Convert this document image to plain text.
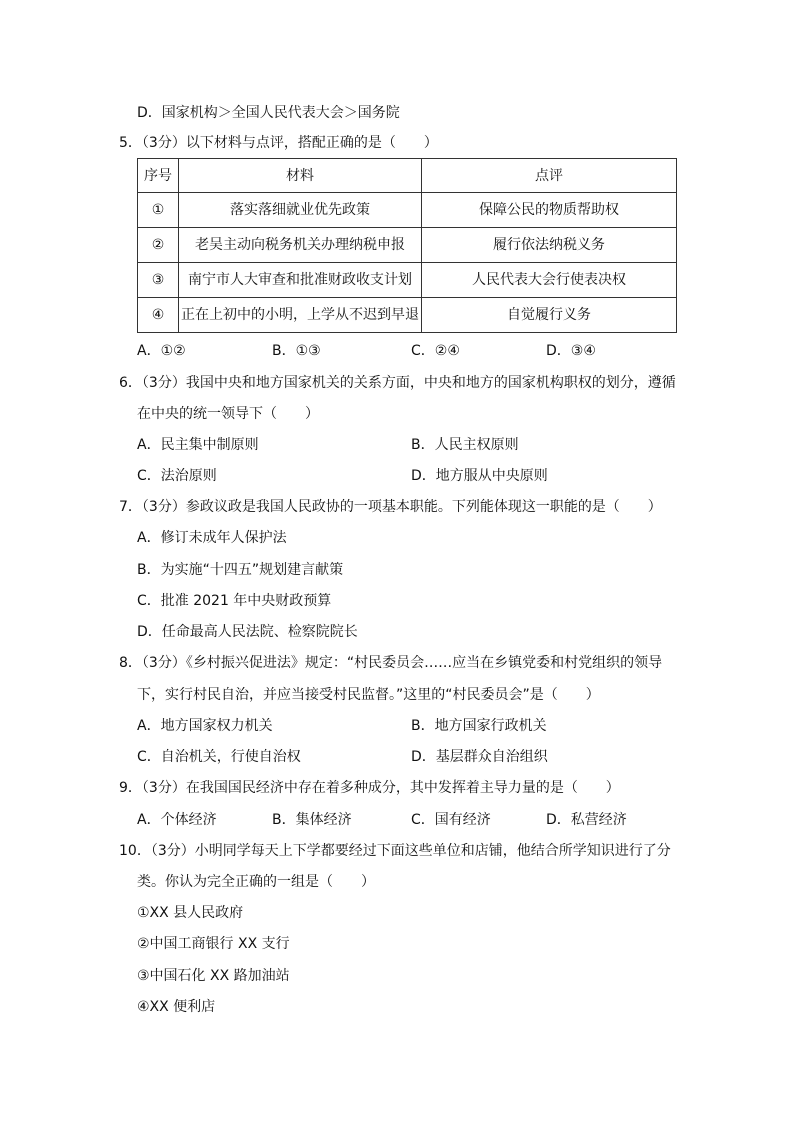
D．国家机构＞全国人民代表大会＞国务院
5．（3分）以下材料与点评，搭配正确的是（　　）
序号	材料	点评
①	落实落细就业优先政策	保障公民的物质帮助权
②	老吴主动向税务机关办理纳税申报	履行依法纳税义务
③	南宁市人大审查和批准财政收支计划	人民代表大会行使表决权
④	正在上初中的小明，上学从不迟到早退	自觉履行义务
A．①②	B．①③	C．②④	D．③④
6．（3分）我国中央和地方国家机关的关系方面，中央和地方的国家机构职权的划分，遵循
在中央的统一领导下（　　）
A．民主集中制原则	B．人民主权原则
C．法治原则	D．地方服从中央原则
7．（3分）参政议政是我国人民政协的一项基本职能。下列能体现这一职能的是（　　）
A．修订未成年人保护法
B．为实施“十四五”规划建言献策
C．批准 2021 年中央财政预算
D．任命最高人民法院、检察院院长
8．（3分）《乡村振兴促进法》规定：“村民委员会……应当在乡镇党委和村党组织的领导
下，实行村民自治，并应当接受村民监督。”这里的“村民委员会”是（　　）
A．地方国家权力机关	B．地方国家行政机关
C．自治机关，行使自治权	D．基层群众自治组织
9．（3分）在我国国民经济中存在着多种成分，其中发挥着主导力量的是（　　）
A．个体经济	B．集体经济	C．国有经济	D．私营经济
10．（3分）小明同学每天上下学都要经过下面这些单位和店铺，他结合所学知识进行了分
类。你认为完全正确的一组是（　　）
①XX 县人民政府
②中国工商银行 XX 支行
③中国石化 XX 路加油站
④XX 便利店
